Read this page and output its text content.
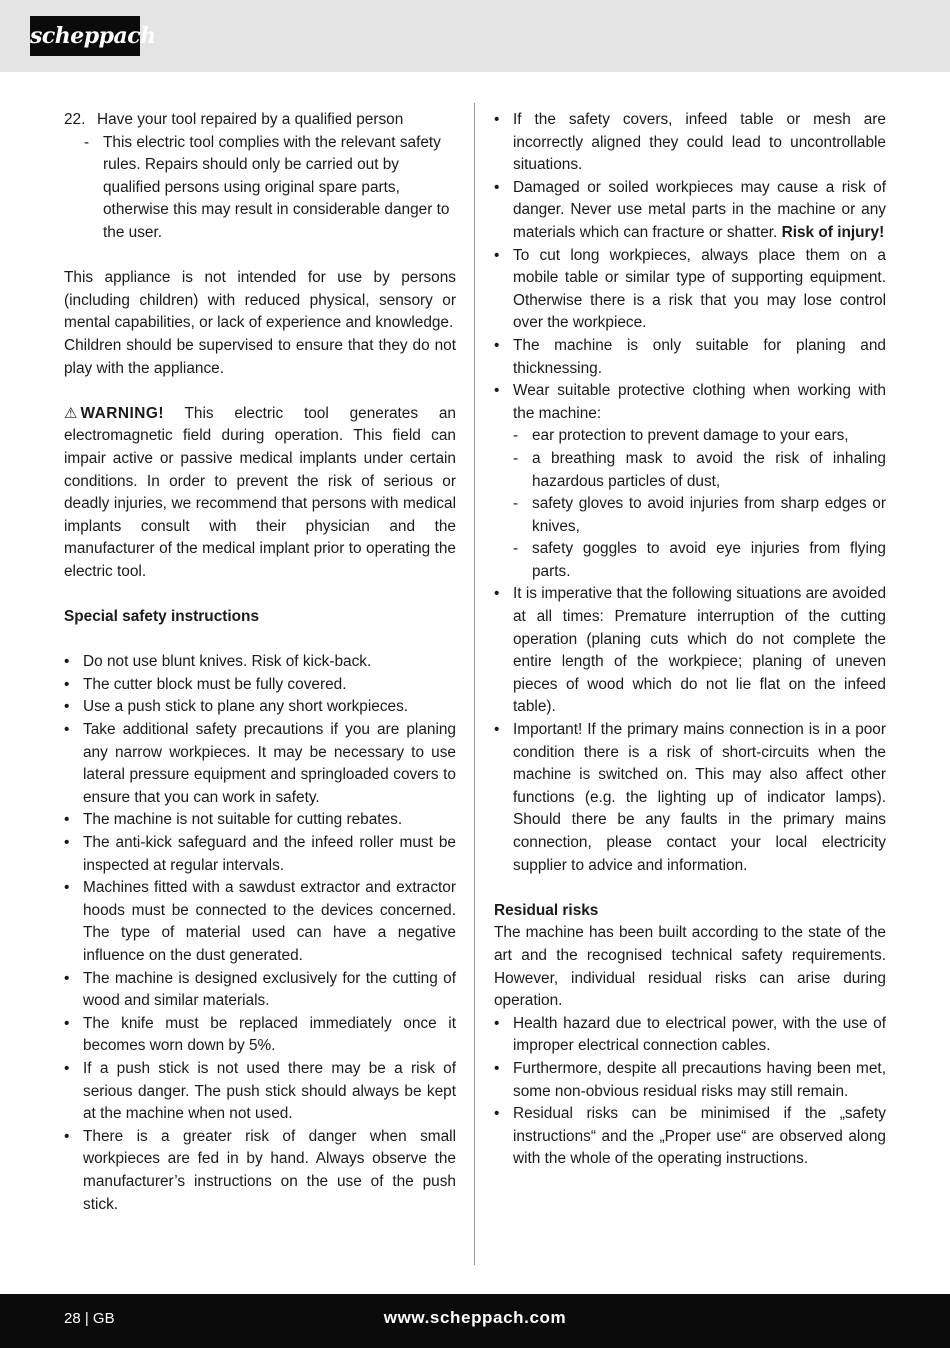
scheppach
22. Have your tool repaired by a qualified person
- This electric tool complies with the relevant safety rules. Repairs should only be carried out by qualified persons using original spare parts, otherwise this may result in considerable danger to the user.

This appliance is not intended for use by persons (including children) with reduced physical, sensory or mental capabilities, or lack of experience and knowledge.

Children should be supervised to ensure that they do not play with the appliance.

⚠ WARNING! This electric tool generates an electromagnetic field during operation. This field can impair active or passive medical implants under certain conditions. In order to prevent the risk of serious or deadly injuries, we recommend that persons with medical implants consult with their physician and the manufacturer of the medical implant prior to operating the electric tool.

Special safety instructions

• Do not use blunt knives. Risk of kick-back.
• The cutter block must be fully covered.
• Use a push stick to plane any short workpieces.
• Take additional safety precautions if you are planing any narrow workpieces. It may be necessary to use lateral pressure equipment and springloaded covers to ensure that you can work in safety.
• The machine is not suitable for cutting rebates.
• The anti-kick safeguard and the infeed roller must be inspected at regular intervals.
• Machines fitted with a sawdust extractor and extractor hoods must be connected to the devices concerned. The type of material used can have a negative influence on the dust generated.
• The machine is designed exclusively for the cutting of wood and similar materials.
• The knife must be replaced immediately once it becomes worn down by 5%.
• If a push stick is not used there may be a risk of serious danger. The push stick should always be kept at the machine when not used.
• There is a greater risk of danger when small workpieces are fed in by hand. Always observe the manufacturer’s instructions on the use of the push stick.
• If the safety covers, infeed table or mesh are incorrectly aligned they could lead to uncontrollable situations.
• Damaged or soiled workpieces may cause a risk of danger. Never use metal parts in the machine or any materials which can fracture or shatter. Risk of injury!
• To cut long workpieces, always place them on a mobile table or similar type of supporting equipment. Otherwise there is a risk that you may lose control over the workpiece.
• The machine is only suitable for planing and thicknessing.
• Wear suitable protective clothing when working with the machine:
- ear protection to prevent damage to your ears,
- a breathing mask to avoid the risk of inhaling hazardous particles of dust,
- safety gloves to avoid injuries from sharp edges or knives,
- safety goggles to avoid eye injuries from flying parts.
• It is imperative that the following situations are avoided at all times: Premature interruption of the cutting operation (planing cuts which do not complete the entire length of the workpiece; planing of uneven pieces of wood which do not lie flat on the infeed table).
• Important! If the primary mains connection is in a poor condition there is a risk of short-circuits when the machine is switched on. This may also affect other functions (e.g. the lighting up of indicator lamps). Should there be any faults in the primary mains connection, please contact your local electricity supplier to advice and information.

Residual risks

The machine has been built according to the state of the art and the recognised technical safety requirements. However, individual residual risks can arise during operation.

• Health hazard due to electrical power, with the use of improper electrical connection cables.
• Furthermore, despite all precautions having been met, some non-obvious residual risks may still remain.
• Residual risks can be minimised if the „safety instructions“ and the „Proper use“ are observed along with the whole of the operating instructions.
28 | GB	www.scheppach.com
